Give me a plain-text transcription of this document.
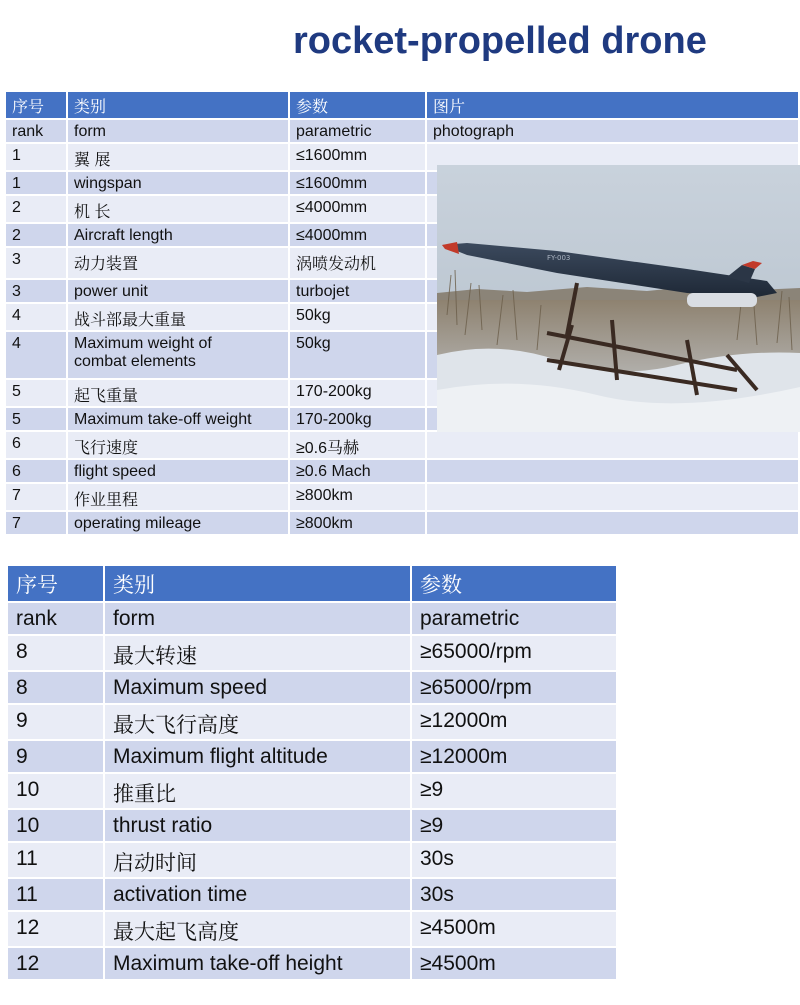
rocket-propelled drone
序号	类别	参数	图片
rank	form	parametric	photograph
1	翼 展	≤1600mm	
1	wingspan	≤1600mm	
2	机 长	≤4000mm	
2	Aircraft length	≤4000mm	
3	动力装置	涡喷发动机	
3	power unit	turbojet	
4	战斗部最大重量	50kg	
4	Maximum weight of combat elements	50kg	
5	起飞重量	170-200kg	
5	Maximum take-off weight	170-200kg	
6	飞行速度	≥0.6马赫	
6	flight speed	≥0.6 Mach	
7	作业里程	≥800km	
7	operating mileage	≥800km	
FY-003
序号	类别	参数
rank	form	parametric
8	最大转速	≥65000/rpm
8	Maximum speed	≥65000/rpm
9	最大飞行高度	≥12000m
9	Maximum flight altitude	≥12000m
10	推重比	≥9
10	thrust ratio	≥9
11	启动时间	30s
11	activation time	30s
12	最大起飞高度	≥4500m
12	Maximum take-off height	≥4500m
